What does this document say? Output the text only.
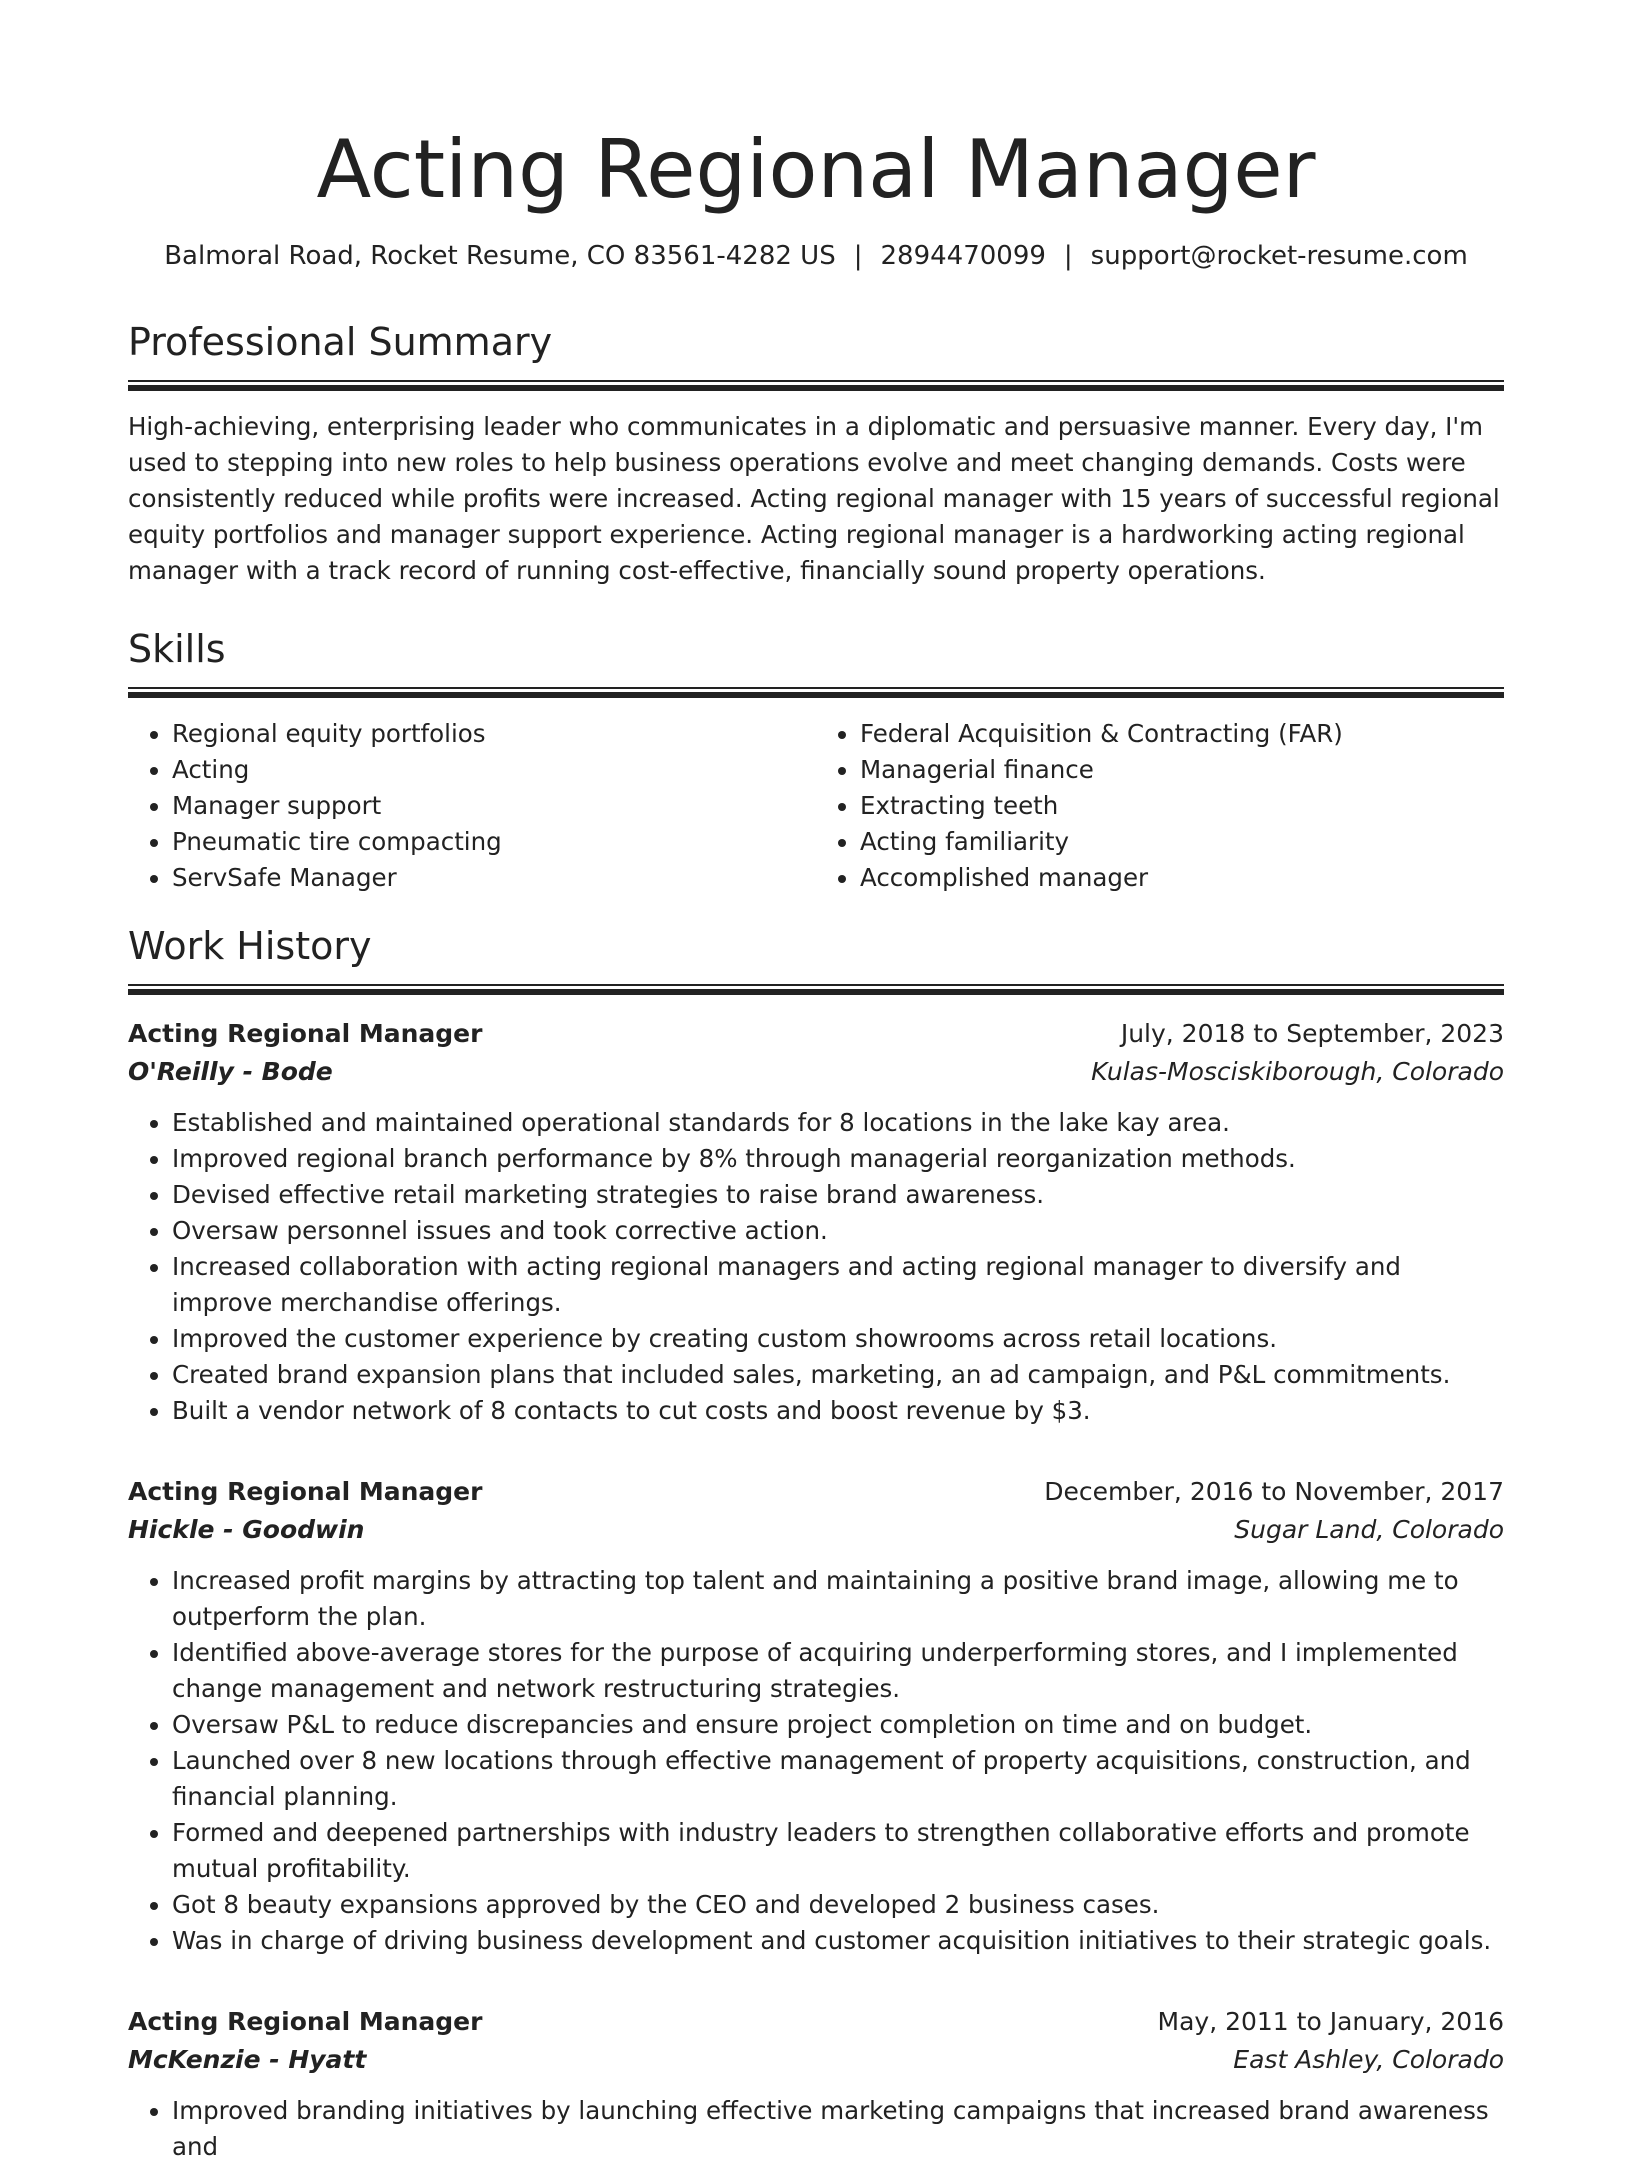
Acting Regional Manager
Balmoral Road, Rocket Resume, CO 83561-4282 US | 2894470099 | support@rocket-resume.com
Professional Summary

High-achieving, enterprising leader who communicates in a diplomatic and persuasive manner. Every day, I'm used to stepping into new roles to help business operations evolve and meet changing demands. Costs were consistently reduced while profits were increased. Acting regional manager with 15 years of successful regional equity portfolios and manager support experience. Acting regional manager is a hardworking acting regional manager with a track record of running cost-effective, financially sound property operations.

Skills
• Regional equity portfolios
• Acting
• Manager support
• Pneumatic tire compacting
• ServSafe Manager
• Federal Acquisition & Contracting (FAR)
• Managerial finance
• Extracting teeth
• Acting familiarity
• Accomplished manager
Work History
Acting Regional Manager	July, 2018 to September, 2023
O'Reilly - Bode	Kulas-Mosciskiborough, Colorado
• Established and maintained operational standards for 8 locations in the lake kay area.
• Improved regional branch performance by 8% through managerial reorganization methods.
• Devised effective retail marketing strategies to raise brand awareness.
• Oversaw personnel issues and took corrective action.
• Increased collaboration with acting regional managers and acting regional manager to diversify and improve merchandise offerings.
• Improved the customer experience by creating custom showrooms across retail locations.
• Created brand expansion plans that included sales, marketing, an ad campaign, and P&L commitments.
• Built a vendor network of 8 contacts to cut costs and boost revenue by $3.
Acting Regional Manager	December, 2016 to November, 2017
Hickle - Goodwin	Sugar Land, Colorado
• Increased profit margins by attracting top talent and maintaining a positive brand image, allowing me to outperform the plan.
• Identified above-average stores for the purpose of acquiring underperforming stores, and I implemented change management and network restructuring strategies.
• Oversaw P&L to reduce discrepancies and ensure project completion on time and on budget.
• Launched over 8 new locations through effective management of property acquisitions, construction, and financial planning.
• Formed and deepened partnerships with industry leaders to strengthen collaborative efforts and promote mutual profitability.
• Got 8 beauty expansions approved by the CEO and developed 2 business cases.
• Was in charge of driving business development and customer acquisition initiatives to their strategic goals.
Acting Regional Manager	May, 2011 to January, 2016
McKenzie - Hyatt	East Ashley, Colorado
• Improved branding initiatives by launching effective marketing campaigns that increased brand awareness and
